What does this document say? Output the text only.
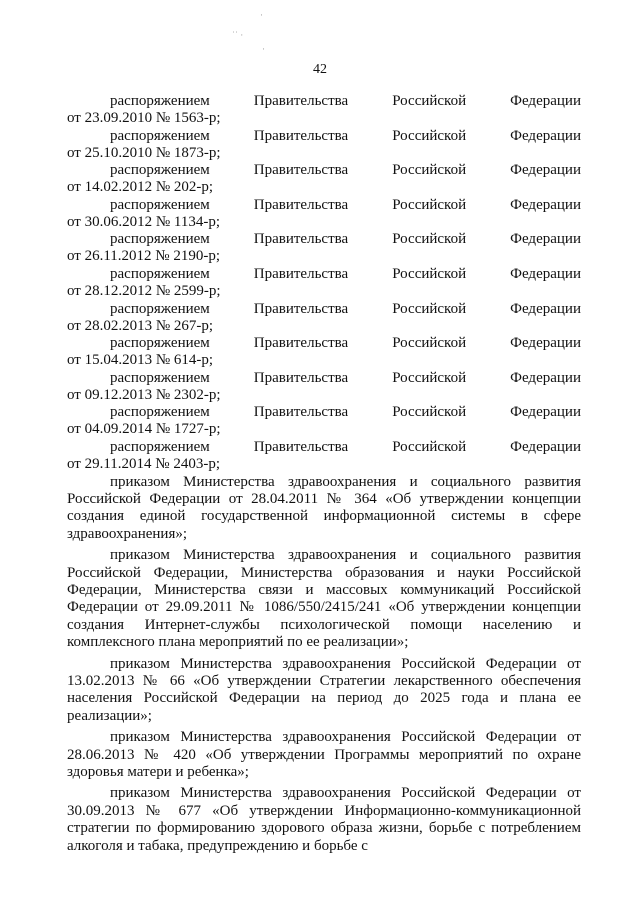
·
˙˙ ·
·
42
распоряжением	Правительства	Российской	Федерации
от 23.09.2010 № 1563-р;
распоряжением	Правительства	Российской	Федерации
от 25.10.2010 № 1873-р;
распоряжением	Правительства	Российской	Федерации
от 14.02.2012 № 202-р;
распоряжением	Правительства	Российской	Федерации
от 30.06.2012 № 1134-р;
распоряжением	Правительства	Российской	Федерации
от 26.11.2012 № 2190-р;
распоряжением	Правительства	Российской	Федерации
от 28.12.2012 № 2599-р;
распоряжением	Правительства	Российской	Федерации
от 28.02.2013 № 267-р;
распоряжением	Правительства	Российской	Федерации
от 15.04.2013 № 614-р;
распоряжением	Правительства	Российской	Федерации
от 09.12.2013 № 2302-р;
распоряжением	Правительства	Российской	Федерации
от 04.09.2014 № 1727-р;
распоряжением	Правительства	Российской	Федерации
от 29.11.2014 № 2403-р;

приказом Министерства здравоохранения и социального развития Российской Федерации от 28.04.2011 № 364 «Об утверждении концепции создания единой государственной информационной системы в сфере здравоохранения»;

приказом Министерства здравоохранения и социального развития Российской Федерации, Министерства образования и науки Российской Федерации, Министерства связи и массовых коммуникаций Российской Федерации от 29.09.2011 № 1086/550/2415/241 «Об утверждении концепции создания Интернет-службы психологической помощи населению и комплексного плана мероприятий по ее реализации»;

приказом Министерства здравоохранения Российской Федерации от 13.02.2013 № 66 «Об утверждении Стратегии лекарственного обеспечения населения Российской Федерации на период до 2025 года и плана ее реализации»;

приказом Министерства здравоохранения Российской Федерации от 28.06.2013 № 420 «Об утверждении Программы мероприятий по охране здоровья матери и ребенка»;

приказом Министерства здравоохранения Российской Федерации от 30.09.2013 № 677 «Об утверждении Информационно-коммуникационной стратегии по формированию здорового образа жизни, борьбе с потреблением алкоголя и табака, предупреждению и борьбе с
